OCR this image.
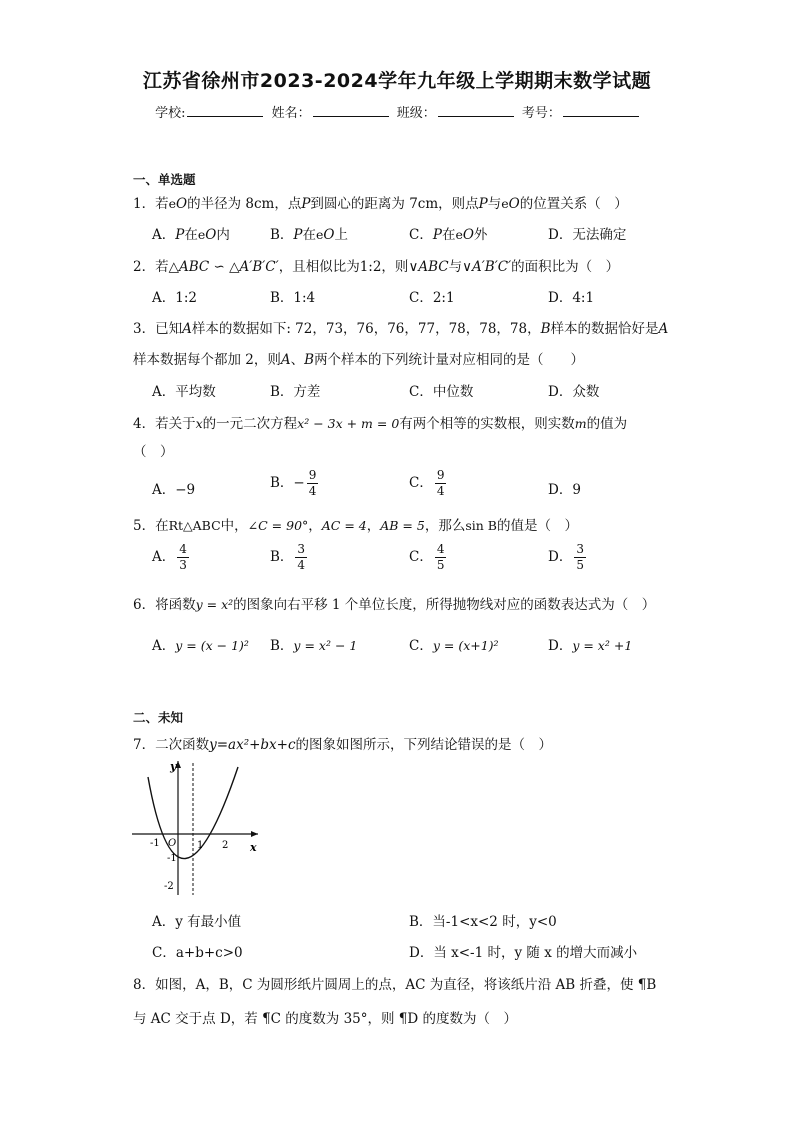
江苏省徐州市2023-2024学年九年级上学期期末数学试题
学校:	姓名：	班级：	考号：
一、单选题
1．若eO的半径为 8cm，点P到圆心的距离为 7cm，则点P与eO的位置关系（　）
A．P在eO内	B．P在eO上	C．P在eO外	D．无法确定
2．若△ABC ∽ △A′B′C′，且相似比为1:2，则∨ABC与∨A′B′C′的面积比为（　）
A．1:2	B．1:4	C．2:1	D．4:1
3．已知A样本的数据如下: 72，73，76，76，77，78，78，78，B样本的数据恰好是A
样本数据每个都加 2，则A、B两个样本的下列统计量对应相同的是（　　）
A．平均数	B．方差	C．中位数	D．众数
4．若关于x的一元二次方程x² − 3x + m = 0有两个相等的实数根，则实数m的值为
（　）
A．−9	B．− $\frac{9}{4}$	C． $\frac{9}{4}$	D．9
5．在Rt△ABC中，∠C = 90°，AC = 4，AB = 5，那么sin B的值是（　）
A． $\frac{4}{3}$	B． $\frac{3}{4}$	C． $\frac{4}{5}$	D． $\frac{3}{5}$
6．将函数y = x²的图象向右平移 1 个单位长度，所得抛物线对应的函数表达式为（　）
A．y = (x − 1)² B．y = x² − 1	C．y = (x+1)²	D．y = x² +1
二、未知
7．二次函数y=ax²+bx+c的图象如图所示，下列结论错误的是（　）
y
x
O
-1	1 2
-1
-2
A．y 有最小值	B．当-1<x<2 时，y<0
C．a+b+c>0	D．当 x<-1 时，y 随 x 的增大而减小
8．如图，A，B，C 为圆形纸片圆周上的点，AC 为直径，将该纸片沿 AB 折叠，使 ¶B
与 AC 交于点 D，若 ¶C 的度数为 35°，则 ¶D 的度数为（　）
